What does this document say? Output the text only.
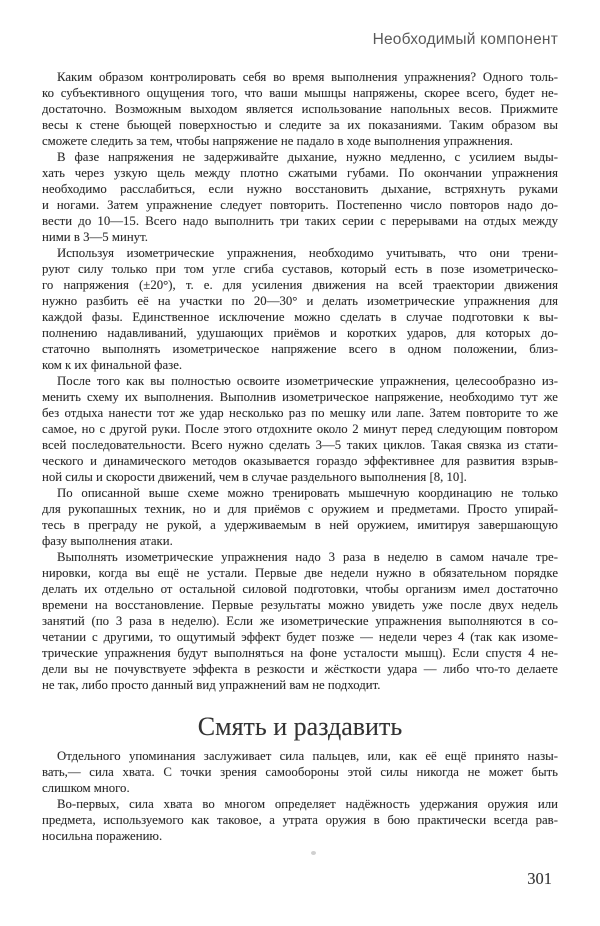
Необходимый компонент
Каким образом контролировать себя во время выполнения упражнения? Одного толь-
ко субъективного ощущения того, что ваши мышцы напряжены, скорее всего, будет не-
достаточно. Возможным выходом является использование напольных весов. Прижмите
весы к стене бьющей поверхностью и следите за их показаниями. Таким образом вы
сможете следить за тем, чтобы напряжение не падало в ходе выполнения упражнения.
В фазе напряжения не задерживайте дыхание, нужно медленно, с усилием выды-
хать через узкую щель между плотно сжатыми губами. По окончании упражнения
необходимо расслабиться, если нужно восстановить дыхание, встряхнуть руками
и ногами. Затем упражнение следует повторить. Постепенно число повторов надо до-
вести до 10—15. Всего надо выполнить три таких серии с перерывами на отдых между
ними в 3—5 минут.
Используя изометрические упражнения, необходимо учитывать, что они трени-
руют силу только при том угле сгиба суставов, который есть в позе изометрическо-
го напряжения (±20°), т. е. для усиления движения на всей траектории движения
нужно разбить её на участки по 20—30° и делать изометрические упражнения для
каждой фазы. Единственное исключение можно сделать в случае подготовки к вы-
полнению надавливаний, удушающих приёмов и коротких ударов, для которых до-
статочно выполнять изометрическое напряжение всего в одном положении, близ-
ком к их финальной фазе.
После того как вы полностью освоите изометрические упражнения, целесообразно из-
менить схему их выполнения. Выполнив изометрическое напряжение, необходимо тут же
без отдыха нанести тот же удар несколько раз по мешку или лапе. Затем повторите то же
самое, но с другой руки. После этого отдохните около 2 минут перед следующим повтором
всей последовательности. Всего нужно сделать 3—5 таких циклов. Такая связка из стати-
ческого и динамического методов оказывается гораздо эффективнее для развития взрыв-
ной силы и скорости движений, чем в случае раздельного выполнения [8, 10].
По описанной выше схеме можно тренировать мышечную координацию не только
для рукопашных техник, но и для приёмов с оружием и предметами. Просто упирай-
тесь в преграду не рукой, а удерживаемым в ней оружием, имитируя завершающую
фазу выполнения атаки.
Выполнять изометрические упражнения надо 3 раза в неделю в самом начале тре-
нировки, когда вы ещё не устали. Первые две недели нужно в обязательном порядке
делать их отдельно от остальной силовой подготовки, чтобы организм имел достаточно
времени на восстановление. Первые результаты можно увидеть уже после двух недель
занятий (по 3 раза в неделю). Если же изометрические упражнения выполняются в со-
четании с другими, то ощутимый эффект будет позже — недели через 4 (так как изоме-
трические упражнения будут выполняться на фоне усталости мышц). Если спустя 4 не-
дели вы не почувствуете эффекта в резкости и жёсткости удара — либо что-то делаете
не так, либо просто данный вид упражнений вам не подходит.
Смять и раздавить
Отдельного упоминания заслуживает сила пальцев, или, как её ещё принято назы-
вать,— сила хвата. С точки зрения самообороны этой силы никогда не может быть
слишком много.
Во-первых, сила хвата во многом определяет надёжность удержания оружия или
предмета, используемого как таковое, а утрата оружия в бою практически всегда рав-
носильна поражению.
301
